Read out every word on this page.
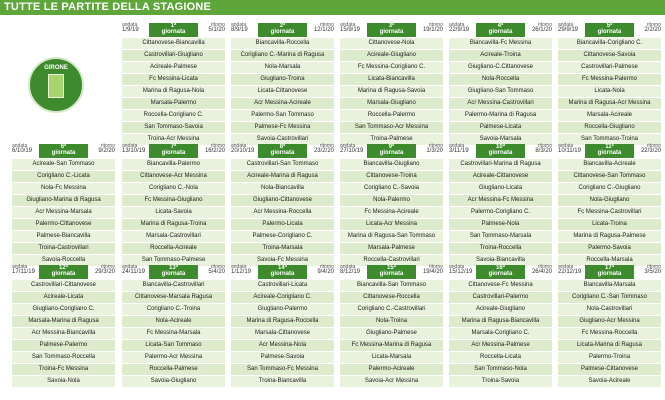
TUTTE LE PARTITE DELLA STAGIONE
GIRONE
andata
1/9/19
1ª
giornata
ritorno
5/1/20
Cittanovese-Biancavilla
Castrovillari-Giugliano
Acireale-Palmese
Fc Messina-Licata
Marina di Ragusa-Nola
Marsala-Palermo
Roccella-Corigliano C.
San Tommaso-Savoia
Troina-Acr Messina
andata
8/9/19
2ª
giornata
ritorno
12/1/20
Biancavilla-Roccella
Corigliano C.-Marina di Ragusa
Nola-Marsala
Giugliano-Troina
Licata-Cittanovese
Acr Messina-Acireale
Palermo-San Tommaso
Palmese-Fc Messina
Savoia-Castrovillari
andata
15/9/19
3ª
giornata
ritorno
19/1/20
Cittanovese-Nola
Acireale-Giugliano
Fc Messina-Corigliano C.
Licata-Biancavilla
Marina di Ragusa-Savoia
Marsala-Giugliano
Roccella-Palermo
San Tommaso-Acr Messina
Troina-Palmese
andata
22/9/19
4ª
giornata
ritorno
26/1/20
Biancavilla-Fc Messina
Acireale-Troina
Giugliano-C.Cittanovese
Nola-Roccella
Giugliano-San Tommaso
Acr Messina-Castrovillari
Palermo-Marina di Ragusa
Palmese-Licata
Savoia-Marsala
andata
29/9/19
5ª
giornata
ritorno
2/2/20
Biancavilla-Corigliano C.
Cittanovese-Savoia
Castrovillari-Palmese
Fc Messina-Palermo
Licata-Nola
Marina di Ragusa-Acr Messina
Marsala-Acireale
Roccella-Giugliano
San Tommaso-Troina
andata
6/10/19
6ª
giornata
ritorno
9/2/20
Acireale-San Tommaso
Corigliano C.-Licata
Nola-Fc Messina
Giugliano-Marina di Ragusa
Acr Messina-Marsala
Palermo-Cittanovese
Palmese-Biancavilla
Troina-Castrovillari
Savoia-Roccella
andata
13/10/19
7ª
giornata
ritorno
16/2/20
Biancavilla-Palermo
Cittanovese-Acr Messina
Corigliano C.-Nola
Fc Messina-Giugliano
Licata-Savoia
Marina di Ragusa-Troina
Marsala-Castrovillari
Roccella-Acireale
San Tommaso-Palmese
andata
20/10/19
8ª
giornata
ritorno
23/2/20
Castrovillari-San Tommaso
Acireale-Marina di Ragusa
Nola-Biancavilla
Giugliano-Cittanovese
Acr Messina-Roccella
Palermo-Licata
Palmese-Corigliano C.
Troina-Marsala
Savoia-Fc Messina
andata
27/10/19
9ª
giornata
ritorno
1/3/20
Biancavilla-Giugliano
Cittanovese-Troina
Corigliano C.-Savoia
Nola-Palermo
Fc Messina-Acireale
Licata-Acr Messina
Marina di Ragusa-San Tommaso
Marsala-Palmese
Roccella-Castrovillari
andata
3/11/19
10ª
giornata
ritorno
8/3/20
Castrovillari-Marina di Ragusa
Acireale-Cittanovese
Giugliano-Licata
Acr Messina-Fc Messina
Palermo-Corigliano C.
Palmese-Nola
San Tommaso-Marsala
Troina-Roccella
Savoia-Biancavilla
andata
10/11/19
11ª
giornata
ritorno
22/3/20
Biancavilla-Acireale
Cittanovese-San Tommaso
Corigliano C.-Giugliano
Nola-Giugliano
Fc Messina-Castrovillari
Licata-Troina
Marina di Ragusa-Palmese
Palermo-Savoia
Roccella-Marsala
andata
17/11/19
12ª
giornata
ritorno
29/3/20
Castrovillari-Cittanovese
Acireale-Licata
Giugliano-Corigliano C.
Marsala-Marina di Ragusa
Acr Messina-Biancavilla
Palmese-Palermo
San Tommaso-Roccella
Troina-Fc Messina
Savoia-Nola
andata
24/11/19
13ª
giornata
ritorno
5/4/20
Biancavilla-Castrovillari
Cittanovese-Marsala Ragusa
Corigliano C.-Troina
Nola-Acireale
Fc Messina-Marsala
Licata-San Tommaso
Palermo-Acr Messina
Roccella-Palmese
Savoia-Giugliano
andata
1/12/19
14ª
giornata
ritorno
9/4/20
Castrovillari-Licata
Acireale-Corigliano C.
Giugliano-Palermo
Marina di Ragusa-Roccella
Marsala-Cittanovese
Acr Messina-Nola
Palmese-Savoia
San Tommaso-Fc Messina
Troina-Biancavilla
andata
8/12/19
15ª
giornata
ritorno
19/4/20
Biancavilla-San Tommaso
Cittanovese-Roccella
Corigliano C.-Castrovillari
Nola-Troina
Giugliano-Palmese
Fc Messina-Marina di Ragusa
Licata-Marsala
Palermo-Acireale
Savoia-Acr Messina
andata
15/12/19
16ª
giornata
ritorno
26/4/20
Cittanovese-Fc Messina
Castrovillari-Palermo
Acireale-Giugliano
Marina di Ragusa-Biancavilla
Marsala-Corigliano C.
Acr Messina-Palmese
Roccella-Licata
San Tommaso-Nola
Troina-Savoia
andata
22/12/19
17ª
giornata
ritorno
3/5/20
Biancavilla-Marsala
Corigliano C.-San Tommaso
Nola-Castrovillari
Giugliano-Acr Messina
Fc Messina-Roccella
Licata-Marina di Ragusa
Palermo-Troina
Palmese-Cittanovese
Savoia-Acireale
